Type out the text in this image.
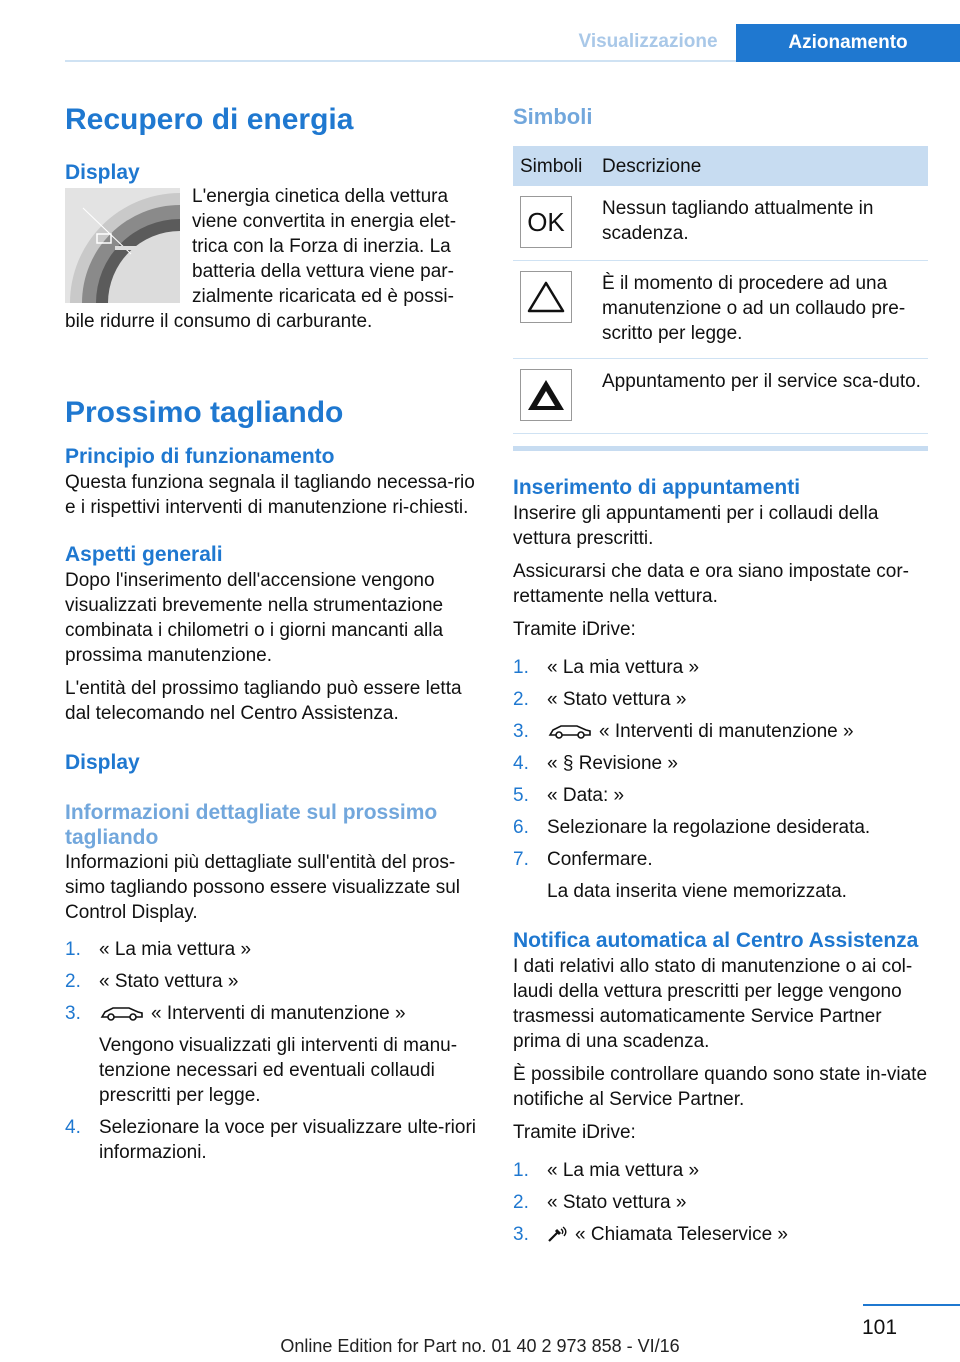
Visualizzazione	Azionamento
Recupero di energia
Display

L'energia cinetica della vettura viene convertita in energia elet‐trica con la Forza di inerzia. La batteria della vettura viene par‐zialmente ricaricata ed è possi‐bile ridurre il consumo di carburante.

Prossimo tagliando
Principio di funzionamento

Questa funziona segnala il tagliando necessa‐rio e i rispettivi interventi di manutenzione ri‐chiesti.

Aspetti generali

Dopo l'inserimento dell'accensione vengono visualizzati brevemente nella strumentazione combinata i chilometri o i giorni mancanti alla prossima manutenzione.

L'entità del prossimo tagliando può essere letta dal telecomando nel Centro Assistenza.

Display
Informazioni dettagliate sul prossimo tagliando

Informazioni più dettagliate sull'entità del pros‐simo tagliando possono essere visualizzate sul Control Display.

1. « La mia vettura »
2. « Stato vettura »
3.	« Interventi di manutenzione »
Vengono visualizzati gli interventi di manu‐tenzione necessari ed eventuali collaudi prescritti per legge.
4. Selezionare la voce per visualizzare ulte‐riori informazioni.
Simboli
Simboli	Descrizione

OK	Nessun tagliando attualmente in scadenza.

	È il momento di procedere ad una manutenzione o ad un collaudo pre‐scritto per legge.

	Appuntamento per il service sca‐duto.
Inserimento di appuntamenti

Inserire gli appuntamenti per i collaudi della vettura prescritti.

Assicurarsi che data e ora siano impostate cor‐rettamente nella vettura.

Tramite iDrive:

1. « La mia vettura »
2. « Stato vettura »
3.	« Interventi di manutenzione »
4. « § Revisione »
5. « Data: »
6. Selezionare la regolazione desiderata.
7. Confermare.
La data inserita viene memorizzata.
Notifica automatica al Centro Assistenza

I dati relativi allo stato di manutenzione o ai col‐laudi della vettura prescritti per legge vengono trasmessi automaticamente Service Partner prima di una scadenza.

È possibile controllare quando sono state in‐viate notifiche al Service Partner.

Tramite iDrive:

1. « La mia vettura »
2. « Stato vettura »
3. « Chiamata Teleservice »
101
Online Edition for Part no. 01 40 2 973 858 - VI/16
